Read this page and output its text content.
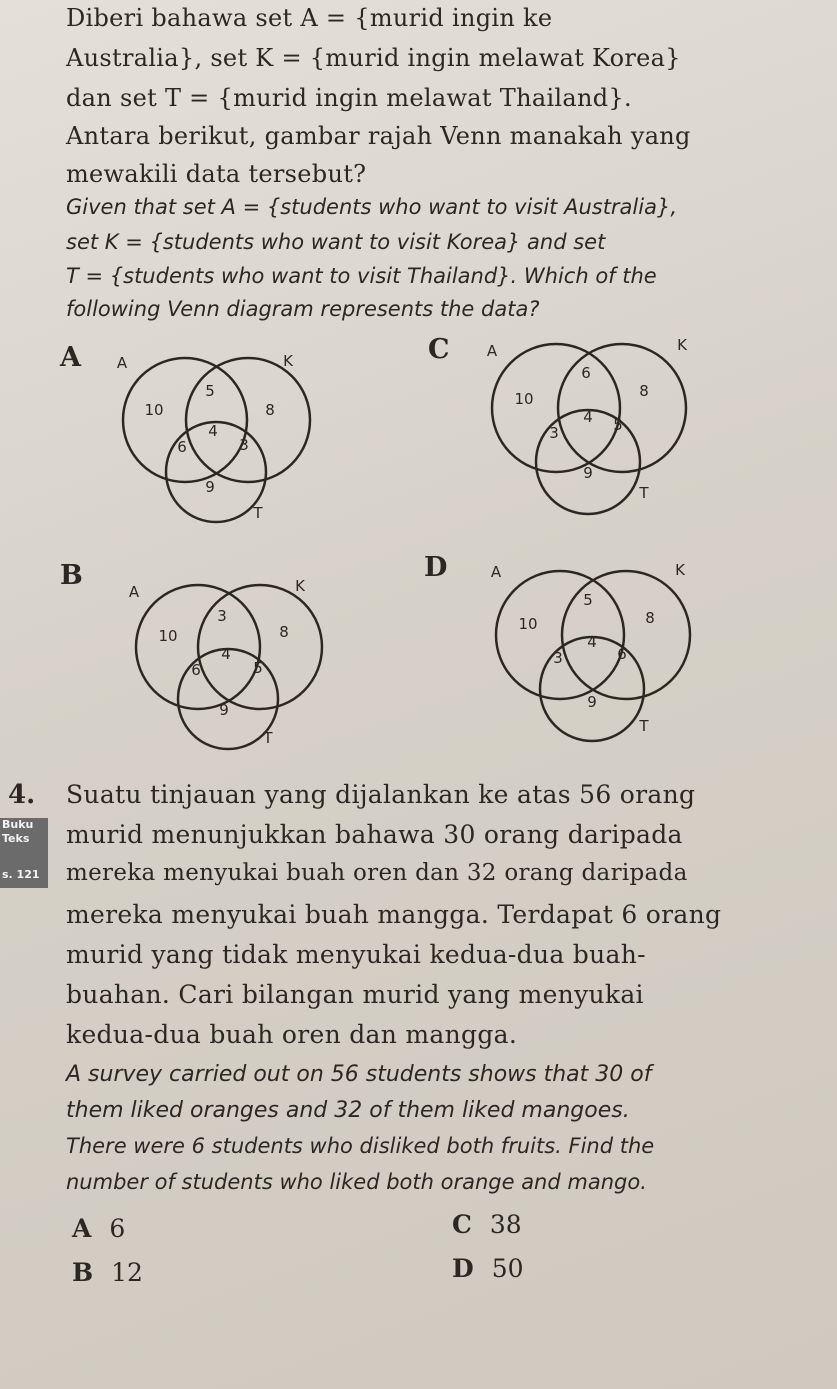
Diberi bahawa set A = {murid ingin ke
Australia}, set K = {murid ingin melawat Korea}
dan set T = {murid ingin melawat Thailand}.
Antara berikut, gambar rajah Venn manakah yang
mewakili data tersebut?
Given that set A = {students who want to visit Australia},
set K = {students who want to visit Korea} and set
T = {students who want to visit Thailand}. Which of the
following Venn diagram represents the data?
A A	K
T
10
5
8
6
4
3
9
C A	K
T
10
6
8
3
4 5
9
B
A	K
T
10
3
8
6
4
5
9
D	A	K
T
10
5
8
3
4
6
9
Buku
Teks
s. 121
4. Suatu tinjauan yang dijalankan ke atas 56 orang
murid menunjukkan bahawa 30 orang daripada
mereka menyukai buah oren dan 32 orang daripada
mereka menyukai buah mangga. Terdapat 6 orang
murid yang tidak menyukai kedua-dua buah-
buahan. Cari bilangan murid yang menyukai
kedua-dua buah oren dan mangga.
A survey carried out on 56 students shows that 30 of
them liked oranges and 32 of them liked mangoes.
There were 6 students who disliked both fruits. Find the
number of students who liked both orange and mango.
A 6	C 38
B 12	D 50
